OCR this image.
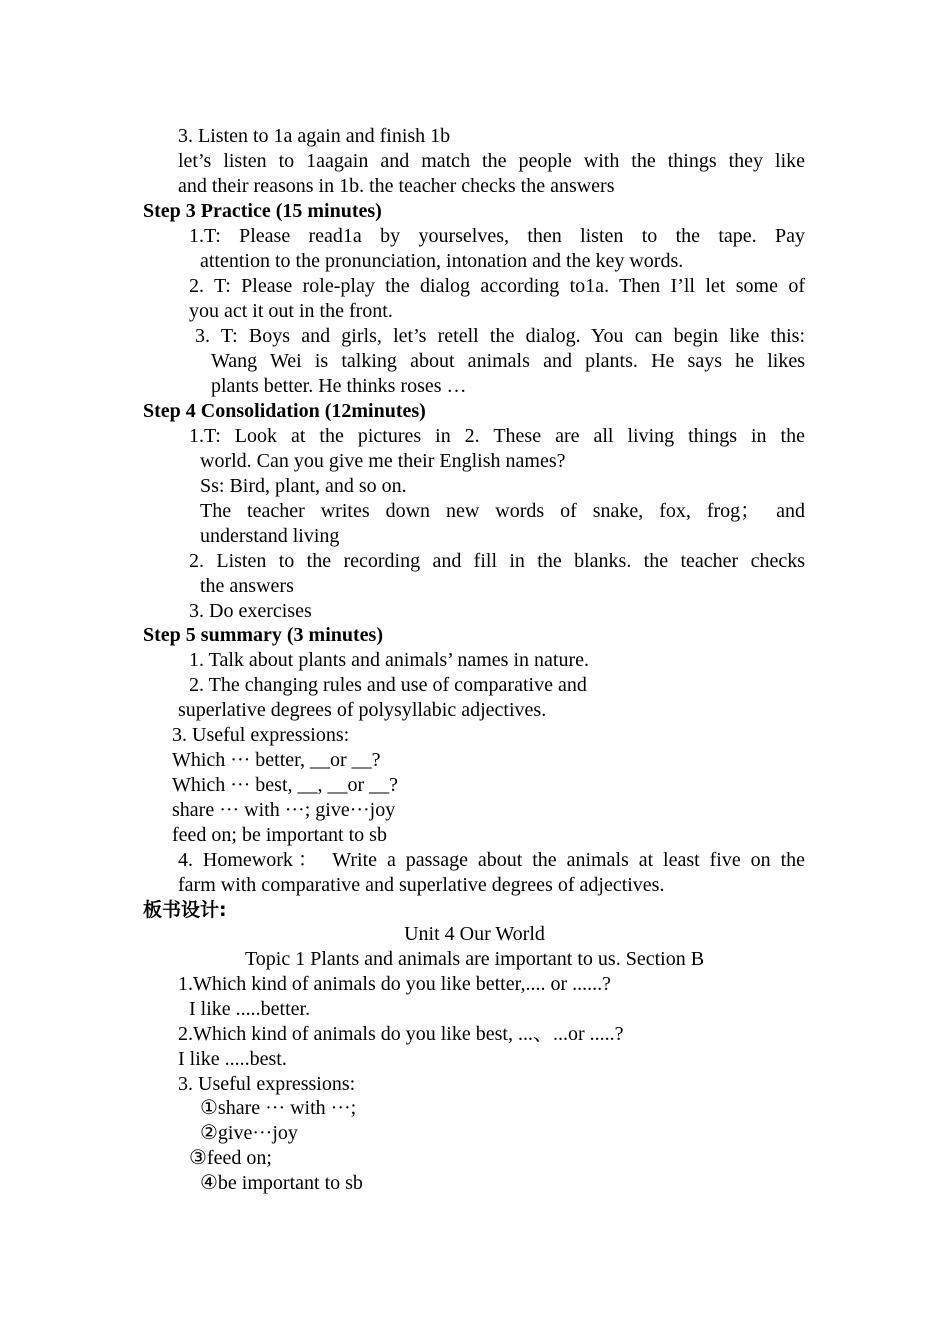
3. Listen to 1a again and finish 1b
let’s listen to 1aagain and match the people with the things they like
and their reasons in 1b. the teacher checks the answers
Step 3 Practice (15 minutes)
1.T: Please read1a by yourselves, then listen to the tape. Pay
attention to the pronunciation, intonation and the key words.
2. T: Please role-play the dialog according to1a. Then I’ll let some of
you act it out in the front.
3. T: Boys and girls, let’s retell the dialog. You can begin like this:
Wang Wei is talking about animals and plants. He says he likes
plants better. He thinks roses …
Step 4 Consolidation (12minutes)
1.T: Look at the pictures in 2. These are all living things in the
world. Can you give me their English names?
Ss: Bird, plant, and so on.
The teacher writes down new words of snake, fox, frog； and
understand living
2. Listen to the recording and fill in the blanks. the teacher checks
the answers
3. Do exercises
Step 5 summary (3 minutes)
1. Talk about plants and animals’ names in nature.
2. The changing rules and use of comparative and
superlative degrees of polysyllabic adjectives.
3. Useful expressions:
Which ··· better, __or __?
Which ··· best, __, __or __?
share ··· with ···; give···joy
feed on; be important to sb
4. Homework： Write a passage about the animals at least five on the
farm with comparative and superlative degrees of adjectives.
板书设计:
Unit 4 Our World
Topic 1 Plants and animals are important to us. Section B
1.Which kind of animals do you like better,.... or ......?
I like .....better.
2.Which kind of animals do you like best, ...、...or .....?
I like .....best.
3. Useful expressions:
①share ··· with ···;
②give···joy
③feed on;
④be important to sb
